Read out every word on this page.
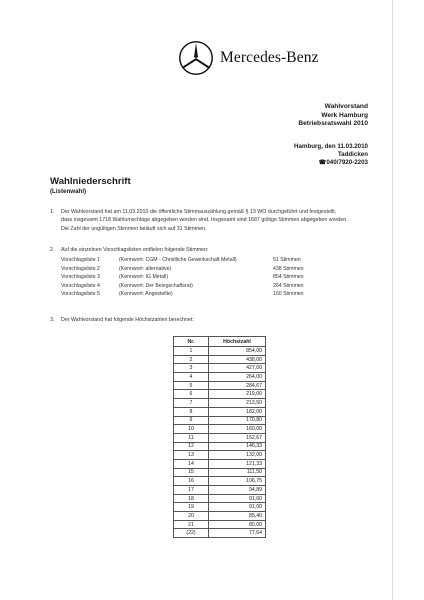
Mercedes-Benz
Wahlvorstand
Werk Hamburg
Betriebsratswahl 2010
Hamburg, den 11.03.2010
Taddicken
☎040/7920-2203
Wahlniederschrift
(Listenwahl)
1. Der Wahlvorstand hat am 11.03.2010 die öffentliche Stimmauszählung gemäß § 13 WO durchgeführt und festgestellt,
dass insgesamt 1718 Wahlumschläge abgegeben worden sind. Insgesamt sind 1687 gültige Stimmen abgegeben worden.
Die Zahl der ungültigen Stimmen beläuft sich auf 31 Stimmen.
2. Auf die einzelnen Vorschlagslisten entfielen folgende Stimmen:
Vorschlagsliste 1	(Kennwort: CGM - Christliche Gewerkschaft Metall)	51 Stimmen
Vorschlagsliste 2	(Kennwort: alternative)	438 Stimmen
Vorschlagsliste 3	(Kennwort: IG Metall)	854 Stimmen
Vorschlagsliste 4	(Kennwort: Der Belegschaftsrat)	264 Stimmen
Vorschlagsliste 5	(Kennwort: Angestellte)	160 Stimmen
3. Der Wahlvorstand hat folgende Höchstzahlen berechnet:
Nr.	Höchstzahl
1	854,00
2	438,00
3	427,00
4	264,00
5	284,67
6	219,00
7	213,50
8	182,00
9	170,80
10	160,00
11	152,67
12	146,33
13	132,00
14	121,33
15	111,50
16	106,75
17	94,89
18	91,60
19	91,00
20	85,40
21	80,00
(22)	77,64
